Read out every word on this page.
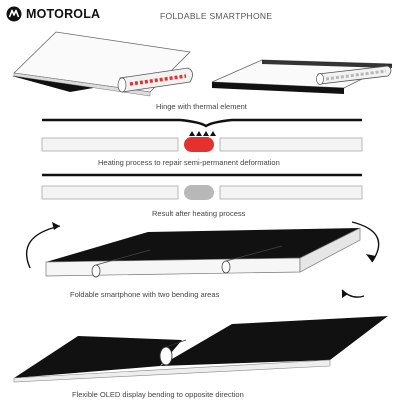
MOTOROLA	FOLDABLE SMARTPHONE
Hinge with thermal element
Heating process to repair semi-permanent deformation
Result after heating process
Foldable smartphone with two bending areas
Flexible OLED display bending to opposite direction
